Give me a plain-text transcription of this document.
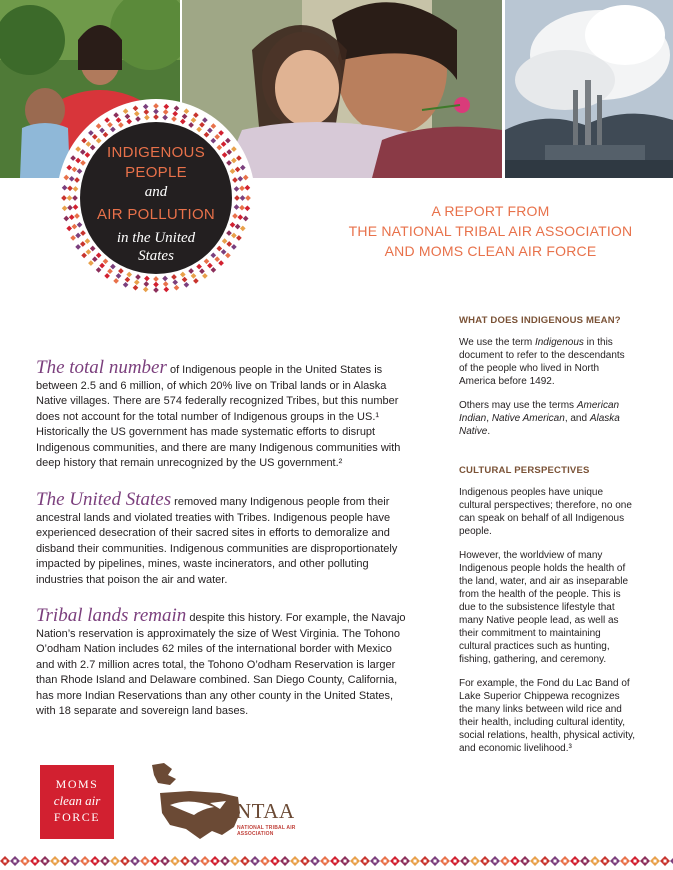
INDIGENOUS
PEOPLE
and
AIR POLLUTION
in the United
States
A REPORT FROM
THE NATIONAL TRIBAL AIR ASSOCIATION
AND MOMS CLEAN AIR FORCE
The total number of Indigenous people in the United States is between 2.5 and 6 million, of which 20% live on Tribal lands or in Alaska Native villages. There are 574 federally recognized Tribes, but this number does not account for the total number of Indigenous groups in the US.¹ Historically the US government has made systematic efforts to disrupt Indigenous communities, and there are many Indigenous communities with deep history that remain unrecognized by the US government.²
The United States removed many Indigenous people from their ancestral lands and violated treaties with Tribes. Indigenous people have experienced desecration of their sacred sites in efforts to demoralize and disband their communities. Indigenous communities are disproportionately impacted by pipelines, mines, waste incinerators, and other polluting industries that poison the air and water.
Tribal lands remain despite this history. For example, the Navajo Nation’s reservation is approximately the size of West Virginia. The Tohono O’odham Nation includes 62 miles of the international border with Mexico and with 2.7 million acres total, the Tohono O’odham Reservation is larger than Rhode Island and Delaware combined. San Diego County, California, has more Indian Reservations than any other county in the United States, with 18 separate and sovereign land bases.
WHAT DOES INDIGENOUS MEAN?

We use the term Indigenous in this document to refer to the descendants of the people who lived in North America before 1492.

Others may use the terms American Indian, Native American, and Alaska Native.

CULTURAL PERSPECTIVES

Indigenous peoples have unique cultural perspectives; therefore, no one can speak on behalf of all Indigenous people.

However, the worldview of many Indigenous people holds the health of the land, water, and air as inseparable from the health of the people. This is due to the subsistence lifestyle that many Native people lead, as well as their commitment to maintaining cultural practices such as hunting, fishing, gathering, and ceremony.

For example, the Fond du Lac Band of Lake Superior Chippewa recognizes the many links between wild rice and their health, including cultural identity, social relations, health, physical activity, and economic livelihood.³

MOMS
clean air
FORCE	NTAA
NATIONAL TRIBAL AIR ASSOCIATION
